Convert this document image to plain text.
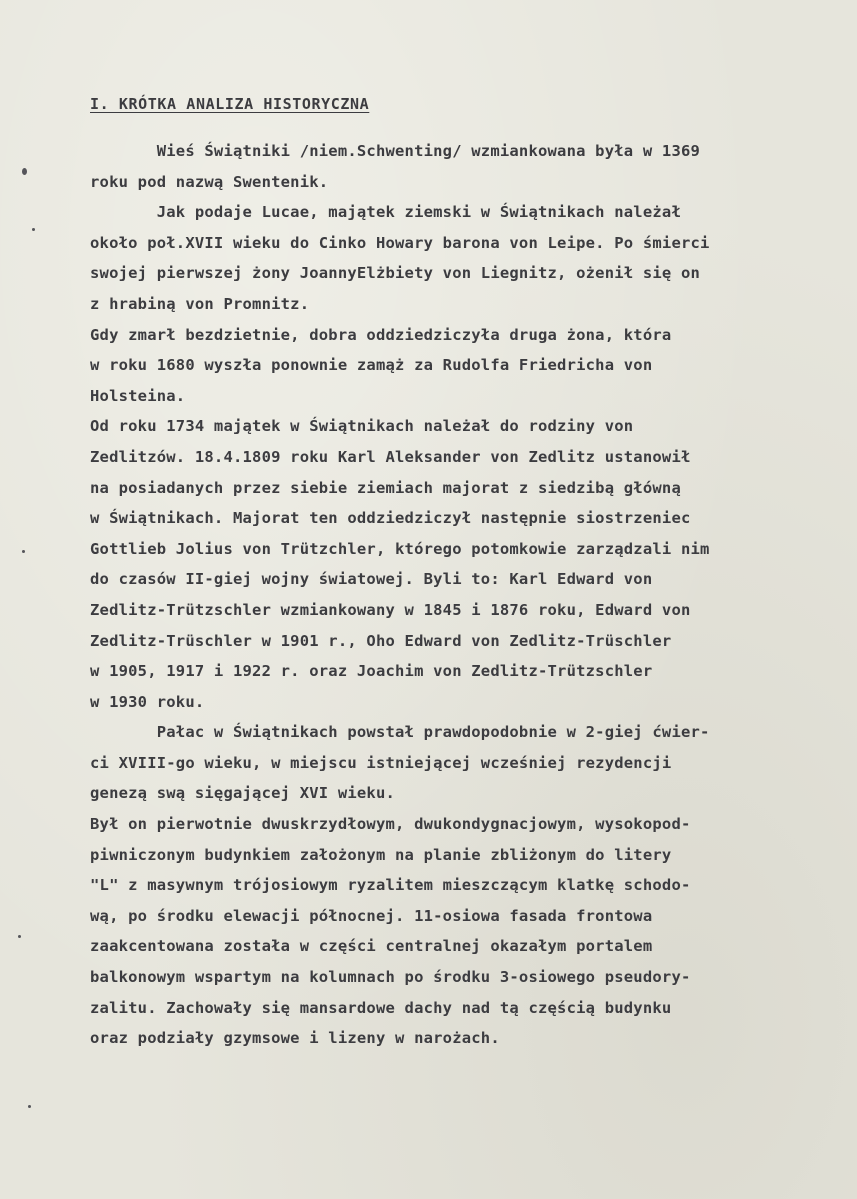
I. KRÓTKA ANALIZA HISTORYCZNA
Wieś Świątniki /niem.Schwenting/ wzmiankowana była w 1369
roku pod nazwą Swentenik.
Jak podaje Lucae, majątek ziemski w Świątnikach należał
około poł.XVII wieku do Cinko Howary barona von Leipe. Po śmierci
swojej pierwszej żony JoannyElżbiety von Liegnitz, ożenił się on
z hrabiną von Promnitz.
Gdy zmarł bezdzietnie, dobra oddziedziczyła druga żona, która
w roku 1680 wyszła ponownie zamąż za Rudolfa Friedricha von
Holsteina.
Od roku 1734 majątek w Świątnikach należał do rodziny von
Zedlitzów. 18.4.1809 roku Karl Aleksander von Zedlitz ustanowił
na posiadanych przez siebie ziemiach majorat z siedzibą główną
w Świątnikach. Majorat ten oddziedziczył następnie siostrzeniec
Gottlieb Jolius von Trützchler, którego potomkowie zarządzali nim
do czasów II-giej wojny światowej. Byli to: Karl Edward von
Zedlitz-Trützschler wzmiankowany w 1845 i 1876 roku, Edward von
Zedlitz-Trüschler w 1901 r., Oho Edward von Zedlitz-Trüschler
w 1905, 1917 i 1922 r. oraz Joachim von Zedlitz-Trützschler
w 1930 roku.
Pałac w Świątnikach powstał prawdopodobnie w 2-giej ćwier-
ci XVIII-go wieku, w miejscu istniejącej wcześniej rezydencji
genezą swą sięgającej XVI wieku.
Był on pierwotnie dwuskrzydłowym, dwukondygnacjowym, wysokopod-
piwniczonym budynkiem założonym na planie zbliżonym do litery
"L" z masywnym trójosiowym ryzalitem mieszczącym klatkę schodo-
wą, po środku elewacji północnej. 11-osiowa fasada frontowa
zaakcentowana została w części centralnej okazałym portalem
balkonowym wspartym na kolumnach po środku 3-osiowego pseudory-
zalitu. Zachowały się mansardowe dachy nad tą częścią budynku
oraz podziały gzymsowe i lizeny w narożach.
